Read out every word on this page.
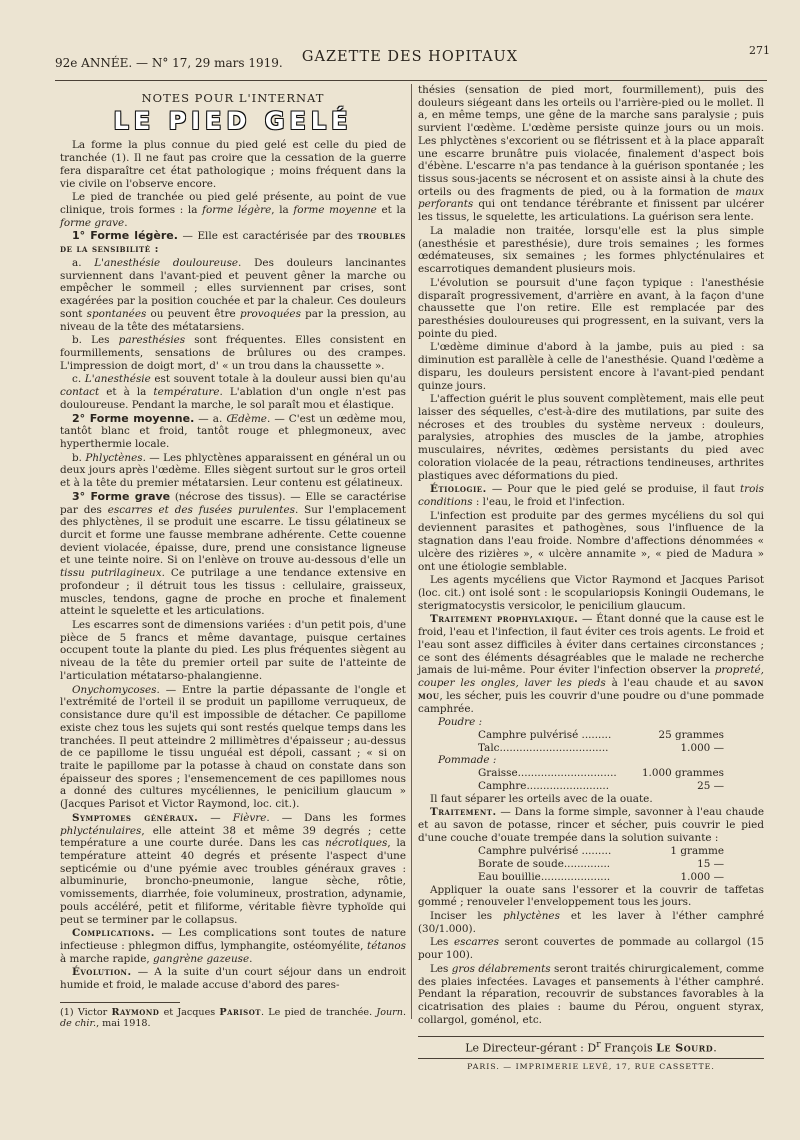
92e ANNÉE. — N° 17, 29 mars 1919.	GAZETTE DES HOPITAUX	271
NOTES POUR L'INTERNAT
LE PIED GELÉ

La forme la plus connue du pied gelé est celle du pied de tranchée (1). Il ne faut pas croire que la cessation de la guerre fera disparaître cet état pathologique ; moins fréquent dans la vie civile on l'observe encore.

Le pied de tranchée ou pied gelé présente, au point de vue clinique, trois formes : la forme légère, la forme moyenne et la forme grave.

1° Forme légère. — Elle est caractérisée par des troubles de la sensibilité :

a. L'anesthésie douloureuse. Des douleurs lancinantes surviennent dans l'avant-pied et peuvent gêner la marche ou empêcher le sommeil ; elles surviennent par crises, sont exagérées par la position couchée et par la chaleur. Ces douleurs sont spontanées ou peuvent être provoquées par la pression, au niveau de la tête des métatarsiens.

b. Les paresthésies sont fréquentes. Elles consistent en fourmillements, sensations de brûlures ou des crampes. L'impression de doigt mort, d' « un trou dans la chaussette ».

c. L'anesthésie est souvent totale à la douleur aussi bien qu'au contact et à la température. L'ablation d'un ongle n'est pas douloureuse. Pendant la marche, le sol paraît mou et élastique.

2° Forme moyenne. — a. Œdème. — C'est un œdème mou, tantôt blanc et froid, tantôt rouge et phlegmoneux, avec hyperthermie locale.

b. Phlyctènes. — Les phlyctènes apparaissent en général un ou deux jours après l'œdème. Elles siègent surtout sur le gros orteil et à la tête du premier métatarsien. Leur contenu est gélatineux.

3° Forme grave (nécrose des tissus). — Elle se caractérise par des escarres et des fusées purulentes. Sur l'emplacement des phlyctènes, il se produit une escarre. Le tissu gélatineux se durcit et forme une fausse membrane adhérente. Cette couenne devient violacée, épaisse, dure, prend une consistance ligneuse et une teinte noire. Si on l'enlève on trouve au-dessous d'elle un tissu putrilagineux. Ce putrilage a une tendance extensive en profondeur ; il détruit tous les tissus : cellulaire, graisseux, muscles, tendons, gagne de proche en proche et finalement atteint le squelette et les articulations.

Les escarres sont de dimensions variées : d'un petit pois, d'une pièce de 5 francs et même davantage, puisque certaines occupent toute la plante du pied. Les plus fréquentes siègent au niveau de la tête du premier orteil par suite de l'atteinte de l'articulation métatarso-phalangienne.

Onychomycoses. — Entre la partie dépassante de l'ongle et l'extrémité de l'orteil il se produit un papillome verruqueux, de consistance dure qu'il est impossible de détacher. Ce papillome existe chez tous les sujets qui sont restés quelque temps dans les tranchées. Il peut atteindre 2 millimètres d'épaisseur ; au-dessus de ce papillome le tissu unguéal est dépoli, cassant ; « si on traite le papillome par la potasse à chaud on constate dans son épaisseur des spores ; l'ensemencement de ces papillomes nous a donné des cultures mycéliennes, le penicilium glaucum » (Jacques Parisot et Victor Raymond, loc. cit.).

Symptomes généraux. — Fièvre. — Dans les formes phlycténulaires, elle atteint 38 et même 39 degrés ; cette température a une courte durée. Dans les cas nécrotiques, la température atteint 40 degrés et présente l'aspect d'une septicémie ou d'une pyémie avec troubles généraux graves : albuminurie, broncho-pneumonie, langue sèche, rôtie, vomissements, diarrhée, foie volumineux, prostration, adynamie, pouls accéléré, petit et filiforme, véritable fièvre typhoïde qui peut se terminer par le collapsus.

Complications. — Les complications sont toutes de nature infectieuse : phlegmon diffus, lymphangite, ostéomyélite, tétanos à marche rapide, gangrène gazeuse.

Évolution. — A la suite d'un court séjour dans un endroit humide et froid, le malade accuse d'abord des pares-

(1) Victor Raymond et Jacques Parisot. Le pied de tranchée. Journ. de chir., mai 1918.

thésies (sensation de pied mort, fourmillement), puis des douleurs siégeant dans les orteils ou l'arrière-pied ou le mollet. Il a, en même temps, une gêne de la marche sans paralysie ; puis survient l'œdème. L'œdème persiste quinze jours ou un mois. Les phlyctènes s'excorient ou se flétrissent et à la place apparaît une escarre brunâtre puis violacée, finalement d'aspect bois d'ébène. L'escarre n'a pas tendance à la guérison spontanée ; les tissus sous-jacents se nécrosent et on assiste ainsi à la chute des orteils ou des fragments de pied, ou à la formation de maux perforants qui ont tendance térébrante et finissent par ulcérer les tissus, le squelette, les articulations. La guérison sera lente.

La maladie non traitée, lorsqu'elle est la plus simple (anesthésie et paresthésie), dure trois semaines ; les formes œdémateuses, six semaines ; les formes phlycténulaires et escarrotiques demandent plusieurs mois.

L'évolution se poursuit d'une façon typique : l'anesthésie disparaît progressivement, d'arrière en avant, à la façon d'une chaussette que l'on retire. Elle est remplacée par des paresthésies douloureuses qui progressent, en la suivant, vers la pointe du pied.

L'œdème diminue d'abord à la jambe, puis au pied : sa diminution est parallèle à celle de l'anesthésie. Quand l'œdème a disparu, les douleurs persistent encore à l'avant-pied pendant quinze jours.

L'affection guérit le plus souvent complètement, mais elle peut laisser des séquelles, c'est-à-dire des mutilations, par suite des nécroses et des troubles du système nerveux : douleurs, paralysies, atrophies des muscles de la jambe, atrophies musculaires, névrites, œdèmes persistants du pied avec coloration violacée de la peau, rétractions tendineuses, arthrites plastiques avec déformations du pied.

Étiologie. — Pour que le pied gelé se produise, il faut trois conditions : l'eau, le froid et l'infection.

L'infection est produite par des germes mycéliens du sol qui deviennent parasites et pathogènes, sous l'influence de la stagnation dans l'eau froide. Nombre d'affections dénommées « ulcère des rizières », « ulcère annamite », « pied de Madura » ont une étiologie semblable.

Les agents mycéliens que Victor Raymond et Jacques Parisot (loc. cit.) ont isolé sont : le scopulariopsis Koningii Oudemans, le sterigmatocystis versicolor, le penicilium glaucum.

Traitement prophylaxique. — Étant donné que la cause est le froid, l'eau et l'infection, il faut éviter ces trois agents. Le froid et l'eau sont assez difficiles à éviter dans certaines circonstances ; ce sont des éléments désagréables que le malade ne recherche jamais de lui-même. Pour éviter l'infection observer la propreté, couper les ongles, laver les pieds à l'eau chaude et au savon mou, les sécher, puis les couvrir d'une poudre ou d'une pommade camphrée.

Poudre :
Camphre pulvérisé .........	25 grammes
Talc.................................	1.000 —
Pommade :
Graisse.............................. 1.000 grammes
Camphre.........................	25 —

Il faut séparer les orteils avec de la ouate.

Traitement. — Dans la forme simple, savonner à l'eau chaude et au savon de potasse, rincer et sécher, puis couvrir le pied d'une couche d'ouate trempée dans la solution suivante :

Camphre pulvérisé .........	1 gramme
Borate de soude..............	15 —
Eau bouillie.....................	1.000 —

Appliquer la ouate sans l'essorer et la couvrir de taffetas gommé ; renouveler l'enveloppement tous les jours.

Inciser les phlyctènes et les laver à l'éther camphré (30/1.000).

Les escarres seront couvertes de pommade au collargol (15 pour 100).

Les gros délabrements seront traités chirurgicalement, comme des plaies infectées. Lavages et pansements à l'éther camphré. Pendant la réparation, recouvrir de substances favorables à la cicatrisation des plaies : baume du Pérou, onguent styrax, collargol, goménol, etc.

Le Directeur-gérant : $D^r$ François Le Sourd.
PARIS. — IMPRIMERIE LEVÉ, 17, RUE CASSETTE.
